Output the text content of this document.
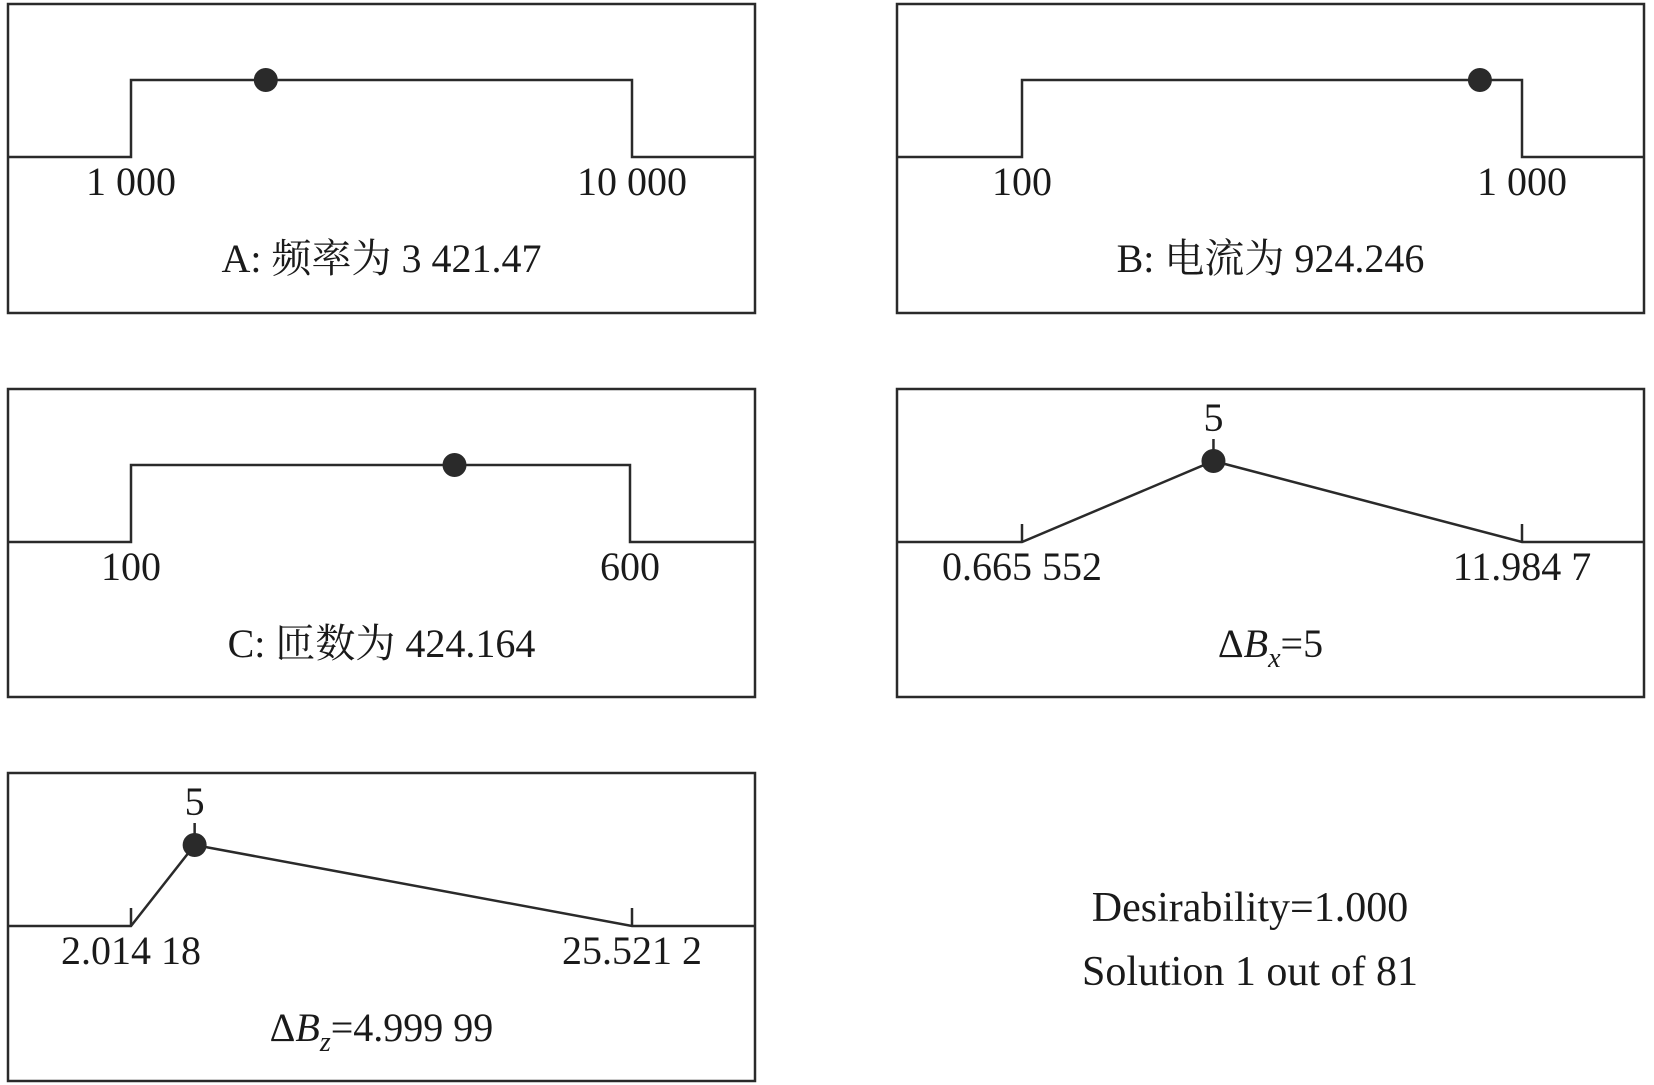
1 000	10 000
A: 频率为 3 421.47
100	1 000
B: 电流为 924.246
100	600
C: 匝数为 424.164
5
0.665 552	11.984 7
$\Delta B_x=5$
5
2.014 18	25.521 2
$\Delta B_z=4.999$ 99
Desirability=1.000
Solution 1 out of 81
